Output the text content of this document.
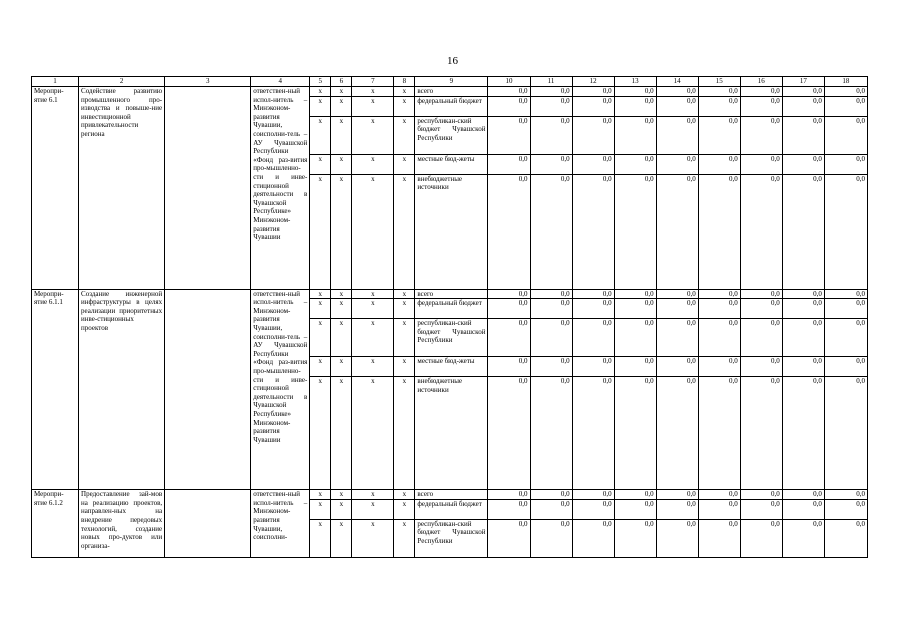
16
1	2	3	4	5	6	7	8	9	10	11	12	13	14	15	16	17	18
Меропри-ятие 6.1	Содействие развитию промышленного про-изводства и повыше-ние инвестиционной привлекательности региона		ответствен-ный испол-нитель – Минэконом-развития Чувашии, соисполни-тель – АУ Чувашской Республики «Фонд раз-вития про-мышленно-сти и инве-стиционной деятельности в Чувашской Республике» Минэконом-развития Чувашии	x	x	x	x	всего	0,0	0,0	0,0	0,0	0,0	0,0	0,0	0,0	0,0
				x	x	x	x	федеральный бюджет	0,0	0,0	0,0	0,0	0,0	0,0	0,0	0,0	0,0
				x	x	x	x	республикан-ский бюджет Чувашской Республики	0,0	0,0	0,0	0,0	0,0	0,0	0,0	0,0	0,0
				x	x	x	x	местные бюд-жеты	0,0	0,0	0,0	0,0	0,0	0,0	0,0	0,0	0,0
				x	x	x	x	внебюджетные источники	0,0	0,0	0,0	0,0	0,0	0,0	0,0	0,0	0,0
Меропри-ятие 6.1.1	Создание инженерной инфраструктуры в целях реализации приоритетных инве-стиционных проектов		ответствен-ный испол-нитель – Минэконом-развития Чувашии, соисполни-тель – АУ Чувашской Республики «Фонд раз-вития про-мышленно-сти и инве-стиционной деятельности в Чувашской Республике» Минэконом-развития Чувашии	x	x	x	x	всего	0,0	0,0	0,0	0,0	0,0	0,0	0,0	0,0	0,0
				x	x	x	x	федеральный бюджет	0,0	0,0	0,0	0,0	0,0	0,0	0,0	0,0	0,0
				x	x	x	x	республикан-ский бюджет Чувашской Республики	0,0	0,0	0,0	0,0	0,0	0,0	0,0	0,0	0,0
				x	x	x	x	местные бюд-жеты	0,0	0,0	0,0	0,0	0,0	0,0	0,0	0,0	0,0
				x	x	x	x	внебюджетные источники	0,0	0,0	0,0	0,0	0,0	0,0	0,0	0,0	0,0
Меропри-ятие 6.1.2	Предоставление зай-мов на реализацию проектов, направлен-ных на внедрение передовых технологий, создание новых про-дуктов или организа-		ответствен-ный испол-нитель – Минэконом-развития Чувашии, соисполни-	x	x	x	x	всего	0,0	0,0	0,0	0,0	0,0	0,0	0,0	0,0	0,0
				x	x	x	x	федеральный бюджет	0,0	0,0	0,0	0,0	0,0	0,0	0,0	0,0	0,0
				x	x	x	x	республикан-ский бюджет Чувашской Республики	0,0	0,0	0,0	0,0	0,0	0,0	0,0	0,0	0,0
